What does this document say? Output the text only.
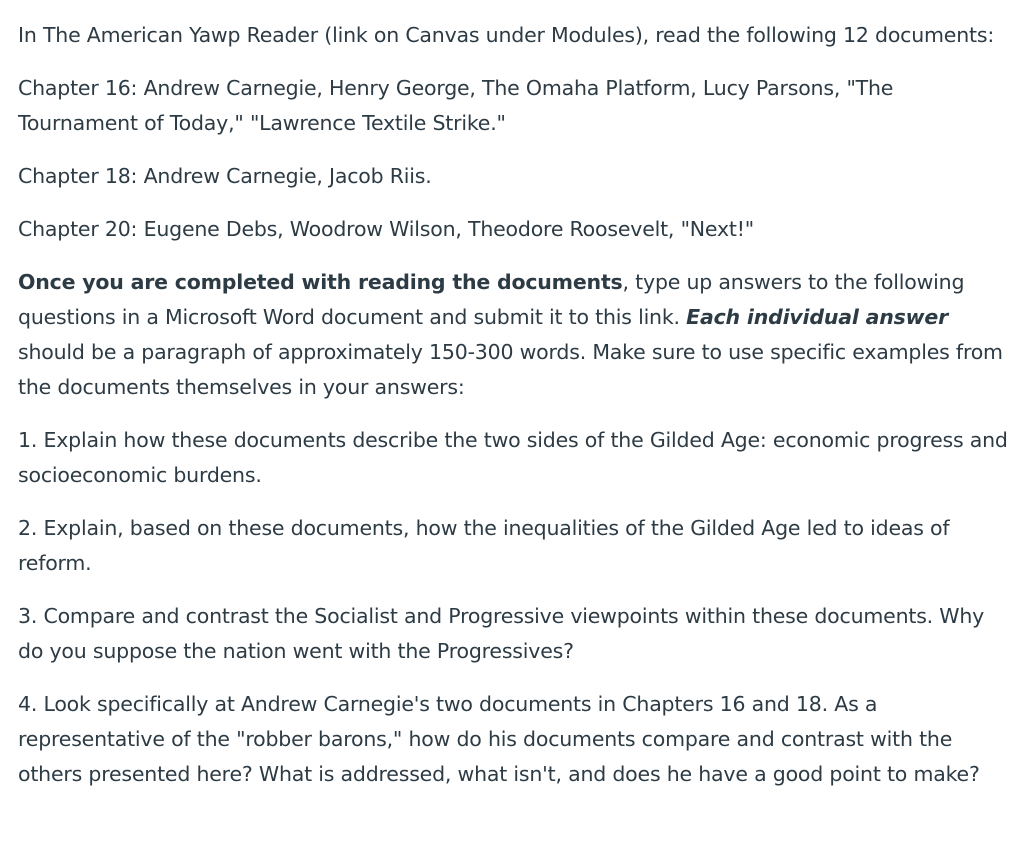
In The American Yawp Reader (link on Canvas under Modules), read the following 12 documents:

Chapter 16: Andrew Carnegie, Henry George, The Omaha Platform, Lucy Parsons, "The Tournament of Today," "Lawrence Textile Strike."

Chapter 18: Andrew Carnegie, Jacob Riis.

Chapter 20: Eugene Debs, Woodrow Wilson, Theodore Roosevelt, "Next!"

Once you are completed with reading the documents, type up answers to the following questions in a Microsoft Word document and submit it to this link. Each individual answer should be a paragraph of approximately 150-300 words. Make sure to use specific examples from the documents themselves in your answers:

1. Explain how these documents describe the two sides of the Gilded Age: economic progress and socioeconomic burdens.

2. Explain, based on these documents, how the inequalities of the Gilded Age led to ideas of reform.

3. Compare and contrast the Socialist and Progressive viewpoints within these documents. Why do you suppose the nation went with the Progressives?

4. Look specifically at Andrew Carnegie's two documents in Chapters 16 and 18. As a representative of the "robber barons," how do his documents compare and contrast with the others presented here? What is addressed, what isn't, and does he have a good point to make?
